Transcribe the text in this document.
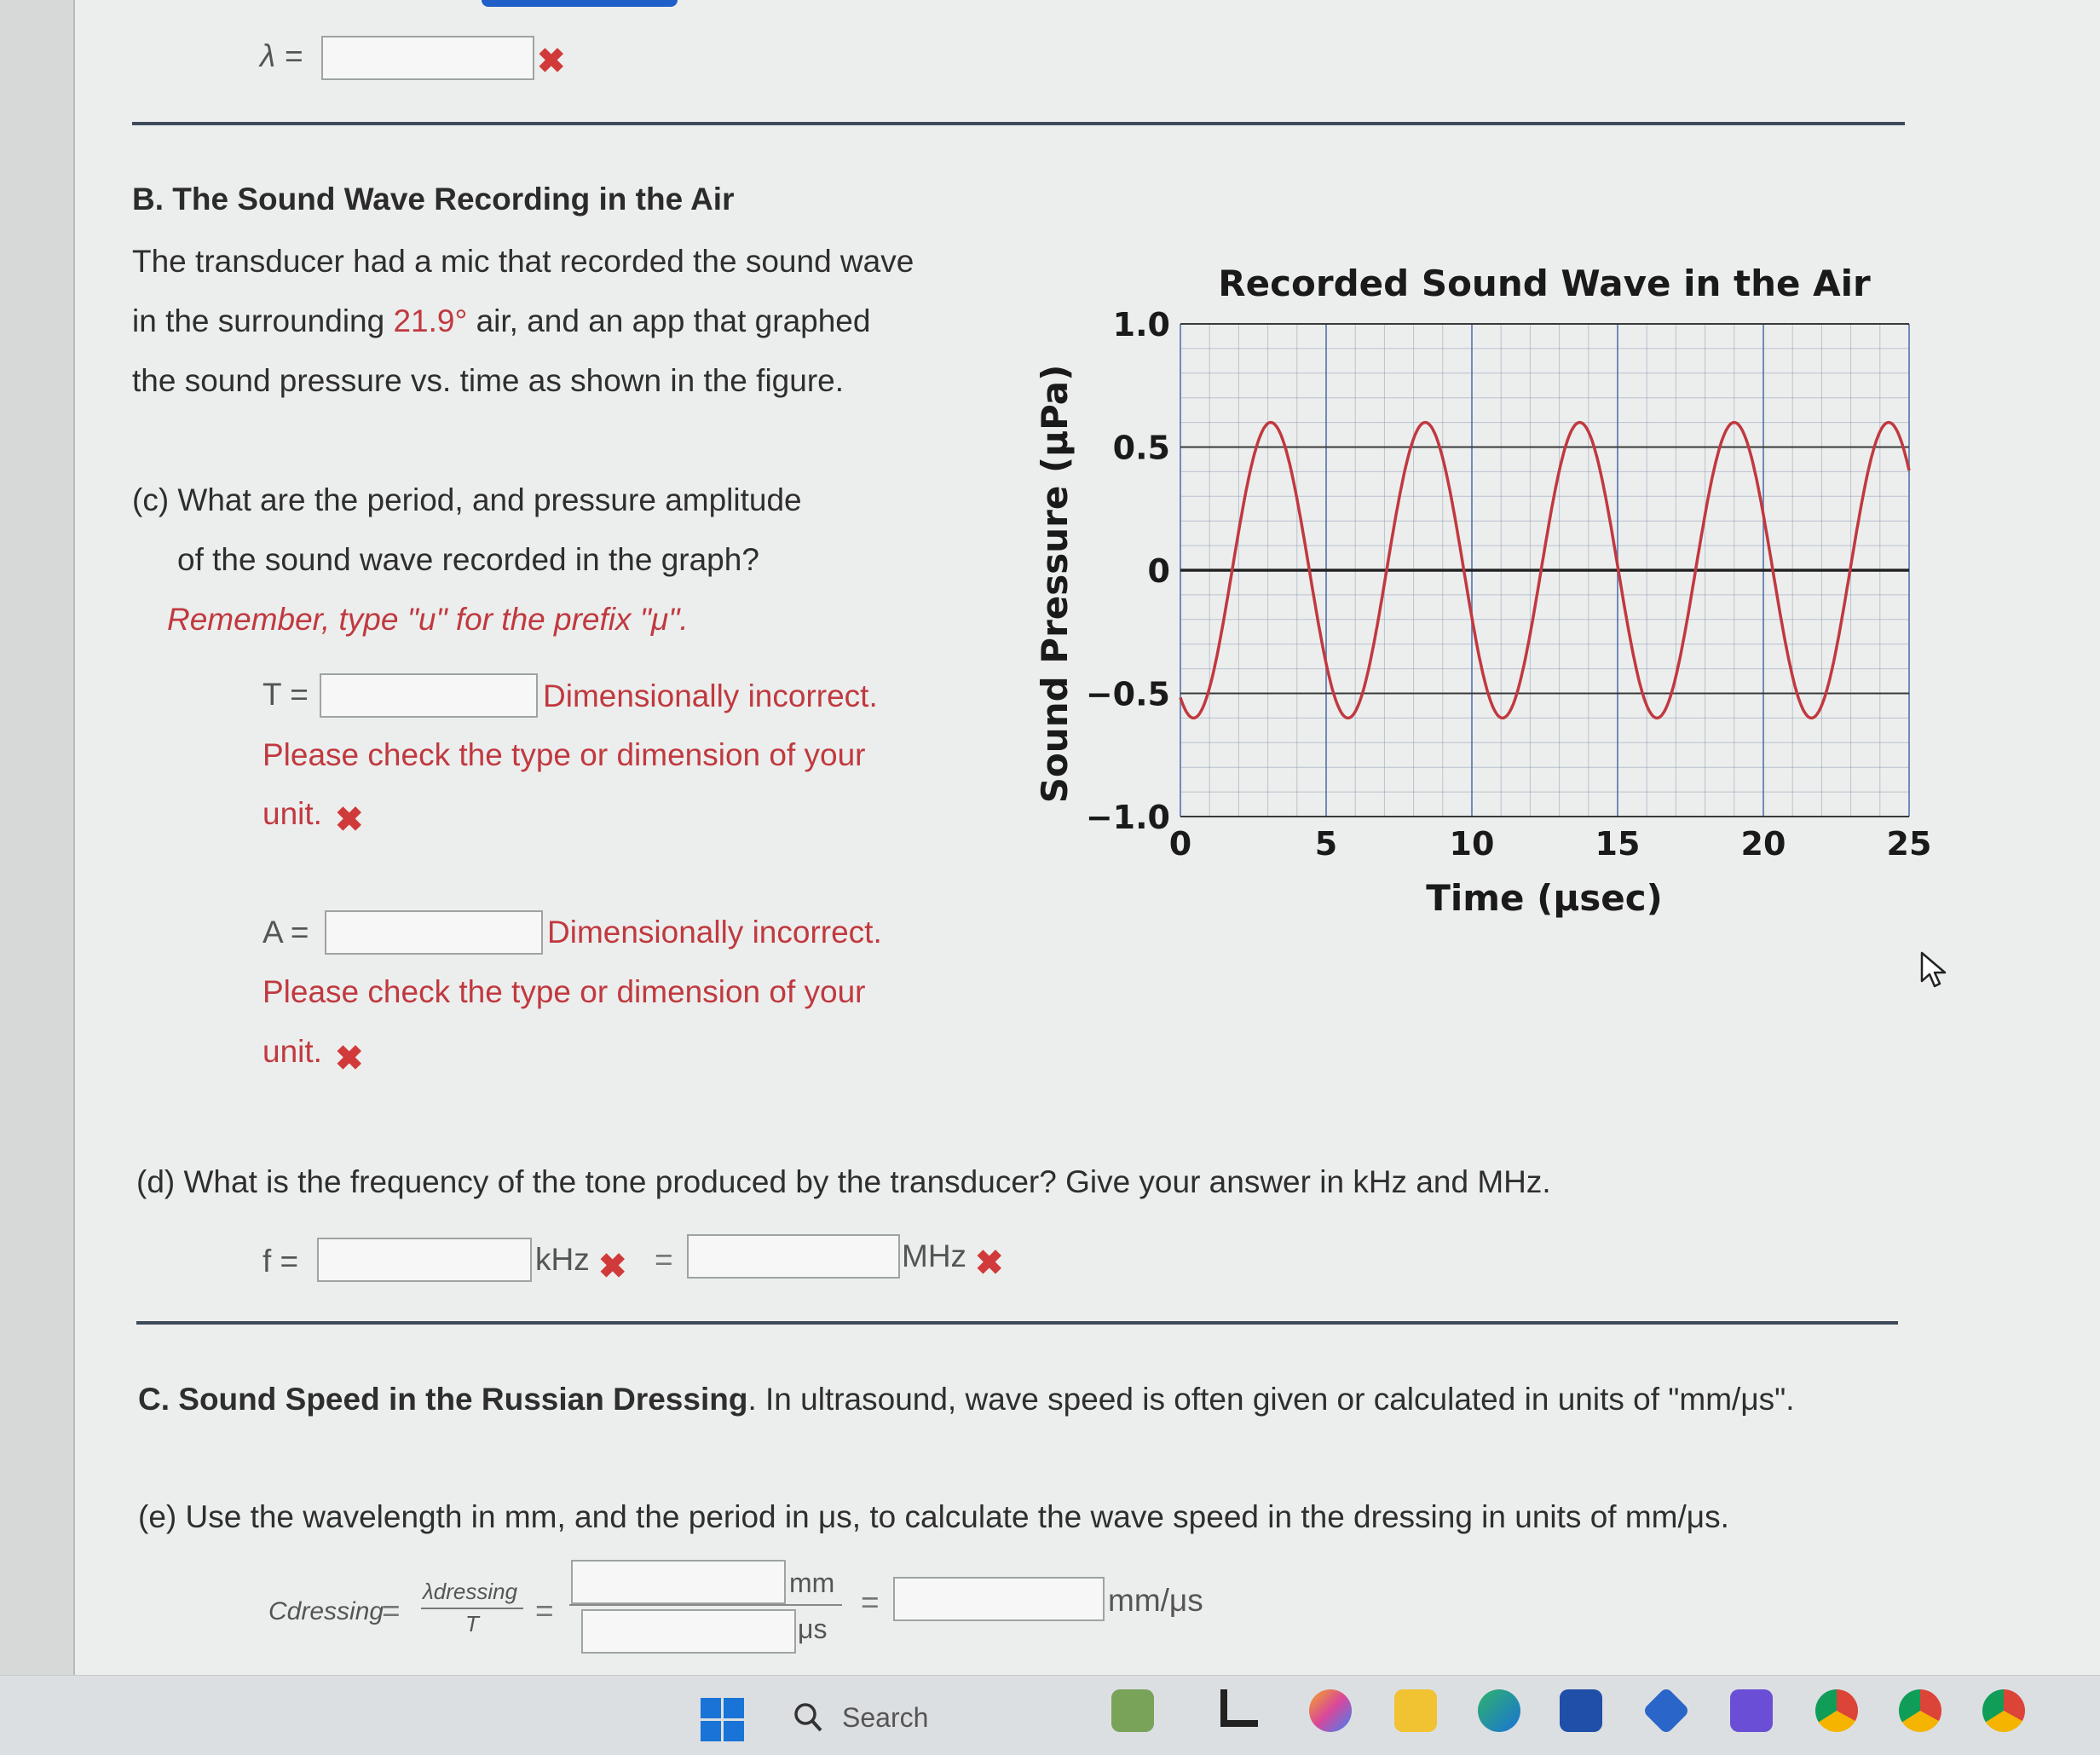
λ =	✖
B. The Sound Wave Recording in the Air
The transducer had a mic that recorded the sound wave
in the surrounding 21.9° air, and an app that graphed
the sound pressure vs. time as shown in the figure.
(c) What are the period, and pressure amplitude
of the sound wave recorded in the graph?
Remember, type "u" for the prefix "μ".
T =	Dimensionally incorrect.
Please check the type or dimension of your
unit. ✖
A =	Dimensionally incorrect.
Please check the type or dimension of your
unit. ✖
Recorded Sound Wave in the Air
0	5	10	15	20	25
1.0
0.5
0
−0.5
−1.0
Time (μsec)
Sound Pressure (μPa)
(d) What is the frequency of the tone produced by the transducer? Give your answer in kHz and MHz.
f =	kHz ✖ =	MHz ✖
C. Sound Speed in the Russian Dressing. In ultrasound, wave speed is often given or calculated in units of "mm/μs".
(e) Use the wavelength in mm, and the period in μs, to calculate the wave speed in the dressing in units of mm/μs.
Cdressing
=
λdressing
T =
mm
μs
=	mm/μs
Search
